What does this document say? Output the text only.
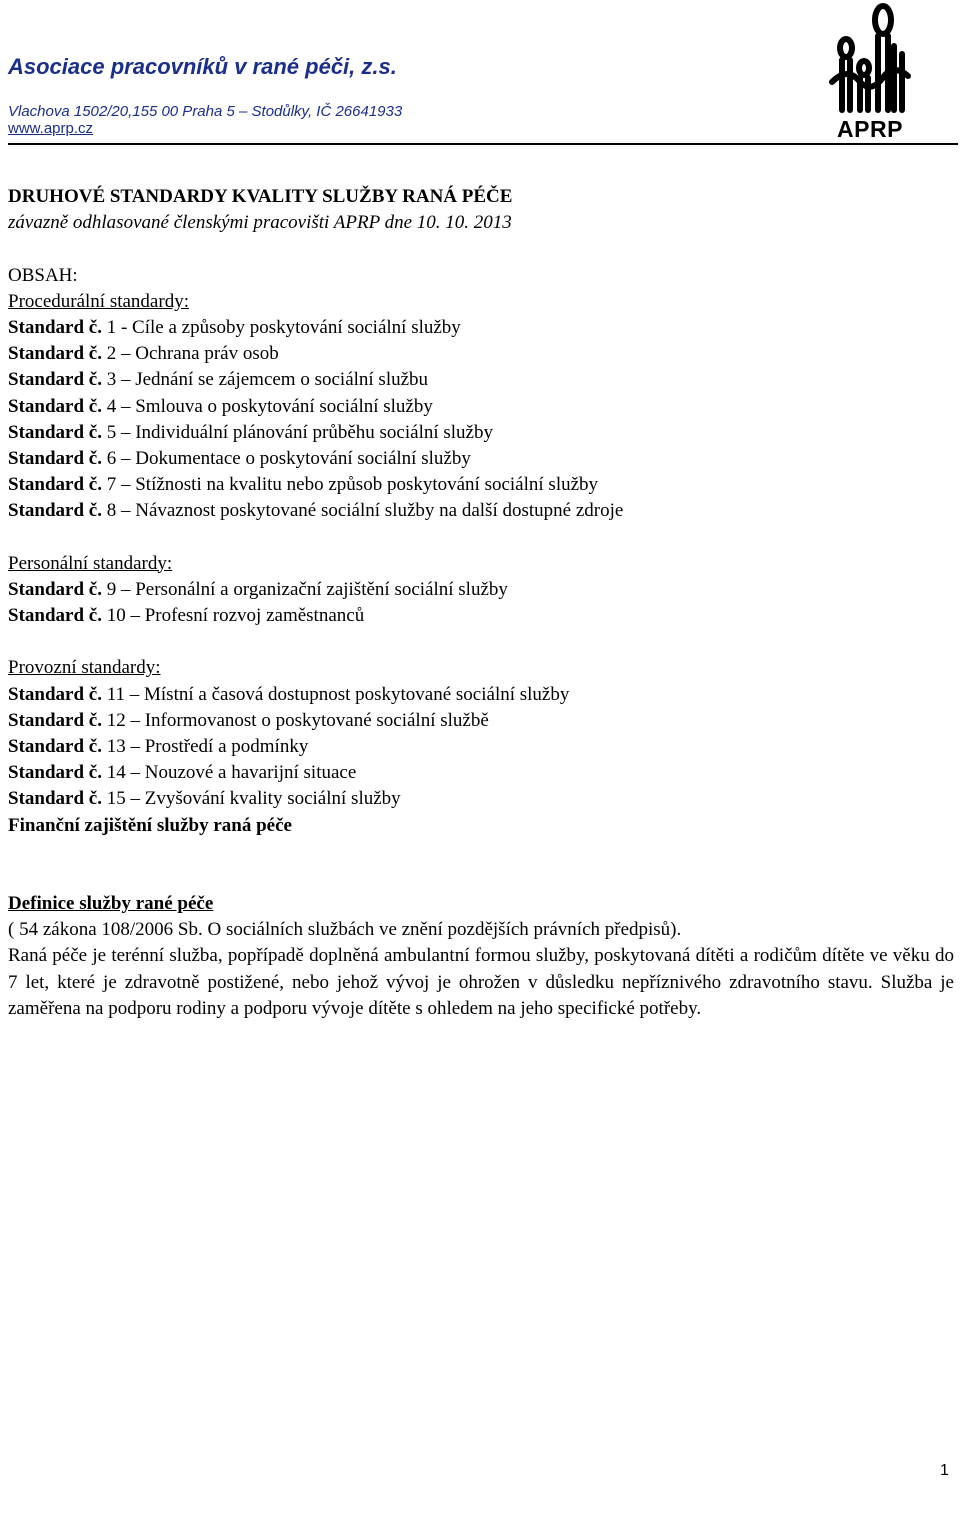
Asociace pracovníků v rané péči, z.s.
Vlachova 1502/20,155 00 Praha 5 – Stodůlky, IČ 26641933
www.aprp.cz	APRP

DRUHOVÉ STANDARDY KVALITY SLUŽBY RANÁ PÉČE

závazně odhlasované členskými pracovišti APRP dne 10. 10. 2013

OBSAH:

Procedurální standardy:

Standard č. 1 - Cíle a způsoby poskytování sociální služby

Standard č. 2 – Ochrana práv osob

Standard č. 3 – Jednání se zájemcem o sociální službu

Standard č. 4 – Smlouva o poskytování sociální služby

Standard č. 5 – Individuální plánování průběhu sociální služby

Standard č. 6 – Dokumentace o poskytování sociální služby

Standard č. 7 – Stížnosti na kvalitu nebo způsob poskytování sociální služby

Standard č. 8 – Návaznost poskytované sociální služby na další dostupné zdroje

Personální standardy:

Standard č. 9 – Personální a organizační zajištění sociální služby

Standard č. 10 – Profesní rozvoj zaměstnanců

Provozní standardy:

Standard č. 11 – Místní a časová dostupnost poskytované sociální služby

Standard č. 12 – Informovanost o poskytované sociální službě

Standard č. 13 – Prostředí a podmínky

Standard č. 14 – Nouzové a havarijní situace

Standard č. 15 – Zvyšování kvality sociální služby

Finanční zajištění služby raná péče

Definice služby rané péče

( 54 zákona 108/2006 Sb. O sociálních službách ve znění pozdějších právních předpisů).

Raná péče je terénní služba, popřípadě doplněná ambulantní formou služby, poskytovaná dítěti a rodičům dítěte ve věku do 7 let, které je zdravotně postižené, nebo jehož vývoj je ohrožen v důsledku nepříznivého zdravotního stavu. Služba je zaměřena na podporu rodiny a podporu vývoje dítěte s ohledem na jeho specifické potřeby.

1
